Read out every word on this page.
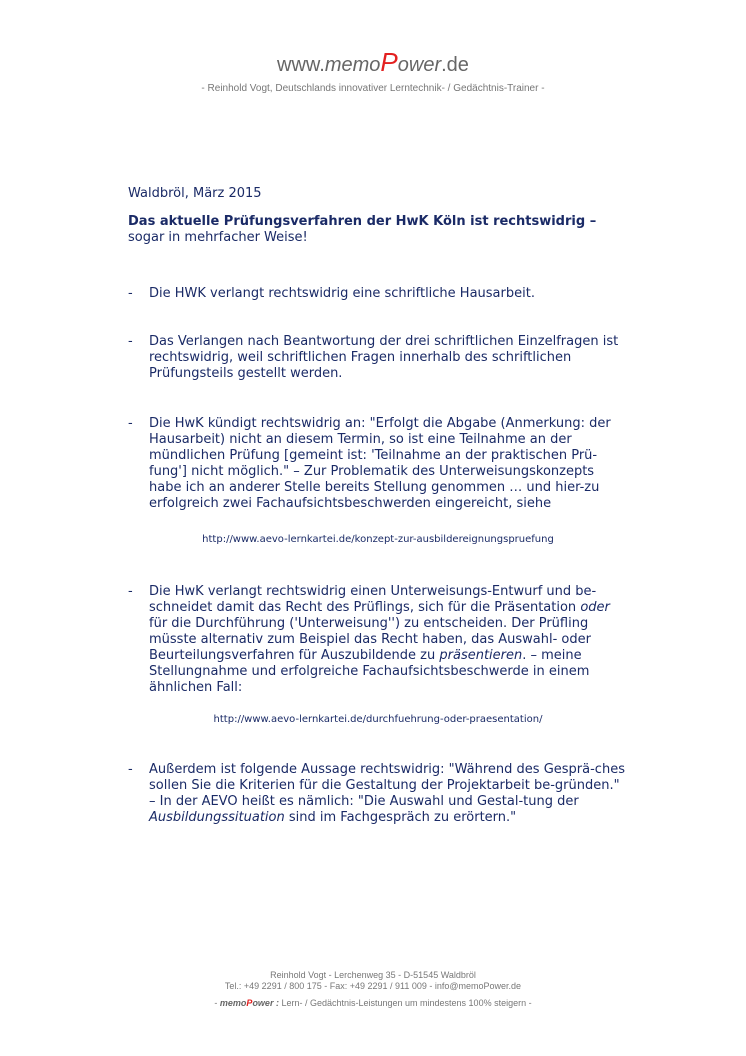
www.memoPower.de
- Reinhold Vogt, Deutschlands innovativer Lerntechnik- / Gedächtnis-Trainer -

Waldbröl, März 2015

Das aktuelle Prüfungsverfahren der HwK Köln ist rechtswidrig –

sogar in mehrfacher Weise!

- Die HWK verlangt rechtswidrig eine schriftliche Hausarbeit.
- Das Verlangen nach Beantwortung der drei schriftlichen Einzelfragen ist rechtswidrig, weil schriftlichen Fragen innerhalb des schriftlichen Prüfungsteils gestellt werden.
- Die HwK kündigt rechtswidrig an: "Erfolgt die Abgabe (Anmerkung: der Hausarbeit) nicht an diesem Termin, so ist eine Teilnahme an der mündlichen Prüfung [gemeint ist: 'Teilnahme an der praktischen Prü-fung'] nicht möglich." – Zur Problematik des Unterweisungskonzepts habe ich an anderer Stelle bereits Stellung genommen … und hier-zu erfolgreich zwei Fachaufsichtsbeschwerden eingereicht, siehe

http://www.aevo-lernkartei.de/konzept-zur-ausbildereignungspruefung

- Die HwK verlangt rechtswidrig einen Unterweisungs-Entwurf und be-schneidet damit das Recht des Prüflings, sich für die Präsentation oder für die Durchführung ('Unterweisung'') zu entscheiden. Der Prüfling müsste alternativ zum Beispiel das Recht haben, das Auswahl- oder Beurteilungsverfahren für Auszubildende zu präsentieren. – meine Stellungnahme und erfolgreiche Fachaufsichtsbeschwerde in einem ähnlichen Fall:

http://www.aevo-lernkartei.de/durchfuehrung-oder-praesentation/

- Außerdem ist folgende Aussage rechtswidrig: "Während des Gesprä-ches sollen Sie die Kriterien für die Gestaltung der Projektarbeit be-gründen." – In der AEVO heißt es nämlich: "Die Auswahl und Gestal-tung der Ausbildungssituation sind im Fachgespräch zu erörtern."
Reinhold Vogt - Lerchenweg 35 - D-51545 Waldbröl
Tel.: +49 2291 / 800 175 - Fax: +49 2291 / 911 009 - info@memoPower.de
- memoPower : Lern- / Gedächtnis-Leistungen um mindestens 100% steigern -
